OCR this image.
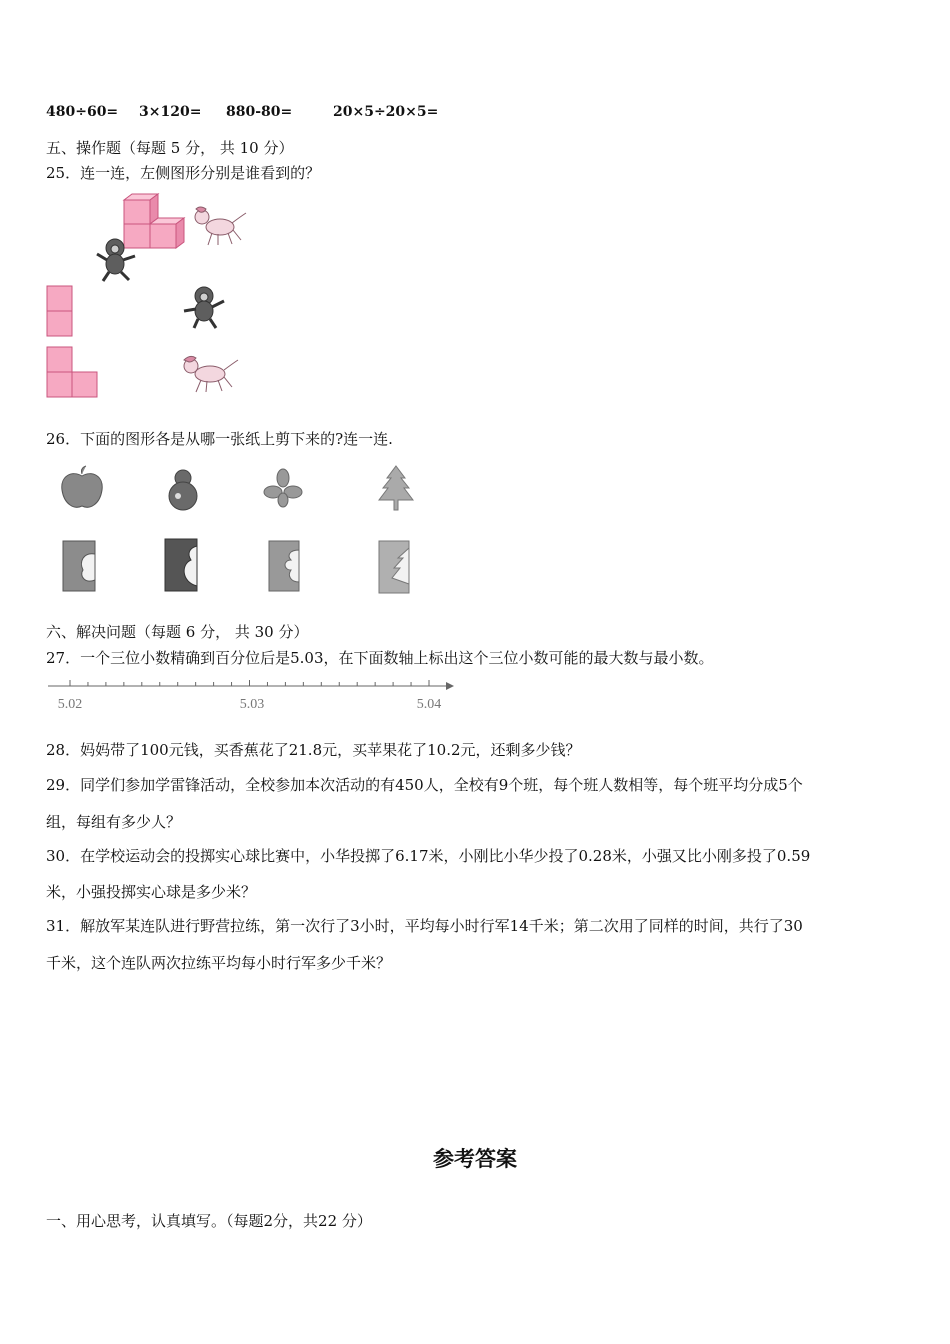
480÷60= 3×120= 880-80=	20×5÷20×5=
五、操作题（每题 5 分， 共 10 分）
25．连一连，左侧图形分别是谁看到的？
26．下面的图形各是从哪一张纸上剪下来的?连一连.
六、解决问题（每题 6 分， 共 30 分）
27．一个三位小数精确到百分位后是5.03，在下面数轴上标出这个三位小数可能的最大数与最小数。
5.02	5.03	5.04
28．妈妈带了100元钱，买香蕉花了21.8元，买苹果花了10.2元，还剩多少钱？
29．同学们参加学雷锋活动，全校参加本次活动的有450人，全校有9个班，每个班人数相等，每个班平均分成5个
组，每组有多少人？
30．在学校运动会的投掷实心球比赛中，小华投掷了6.17米，小刚比小华少投了0.28米，小强又比小刚多投了0.59
米，小强投掷实心球是多少米？
31．解放军某连队进行野营拉练，第一次行了3小时，平均每小时行军14千米；第二次用了同样的时间，共行了30
千米，这个连队两次拉练平均每小时行军多少千米？
参考答案
一、用心思考，认真填写。（每题2分，共22 分）
